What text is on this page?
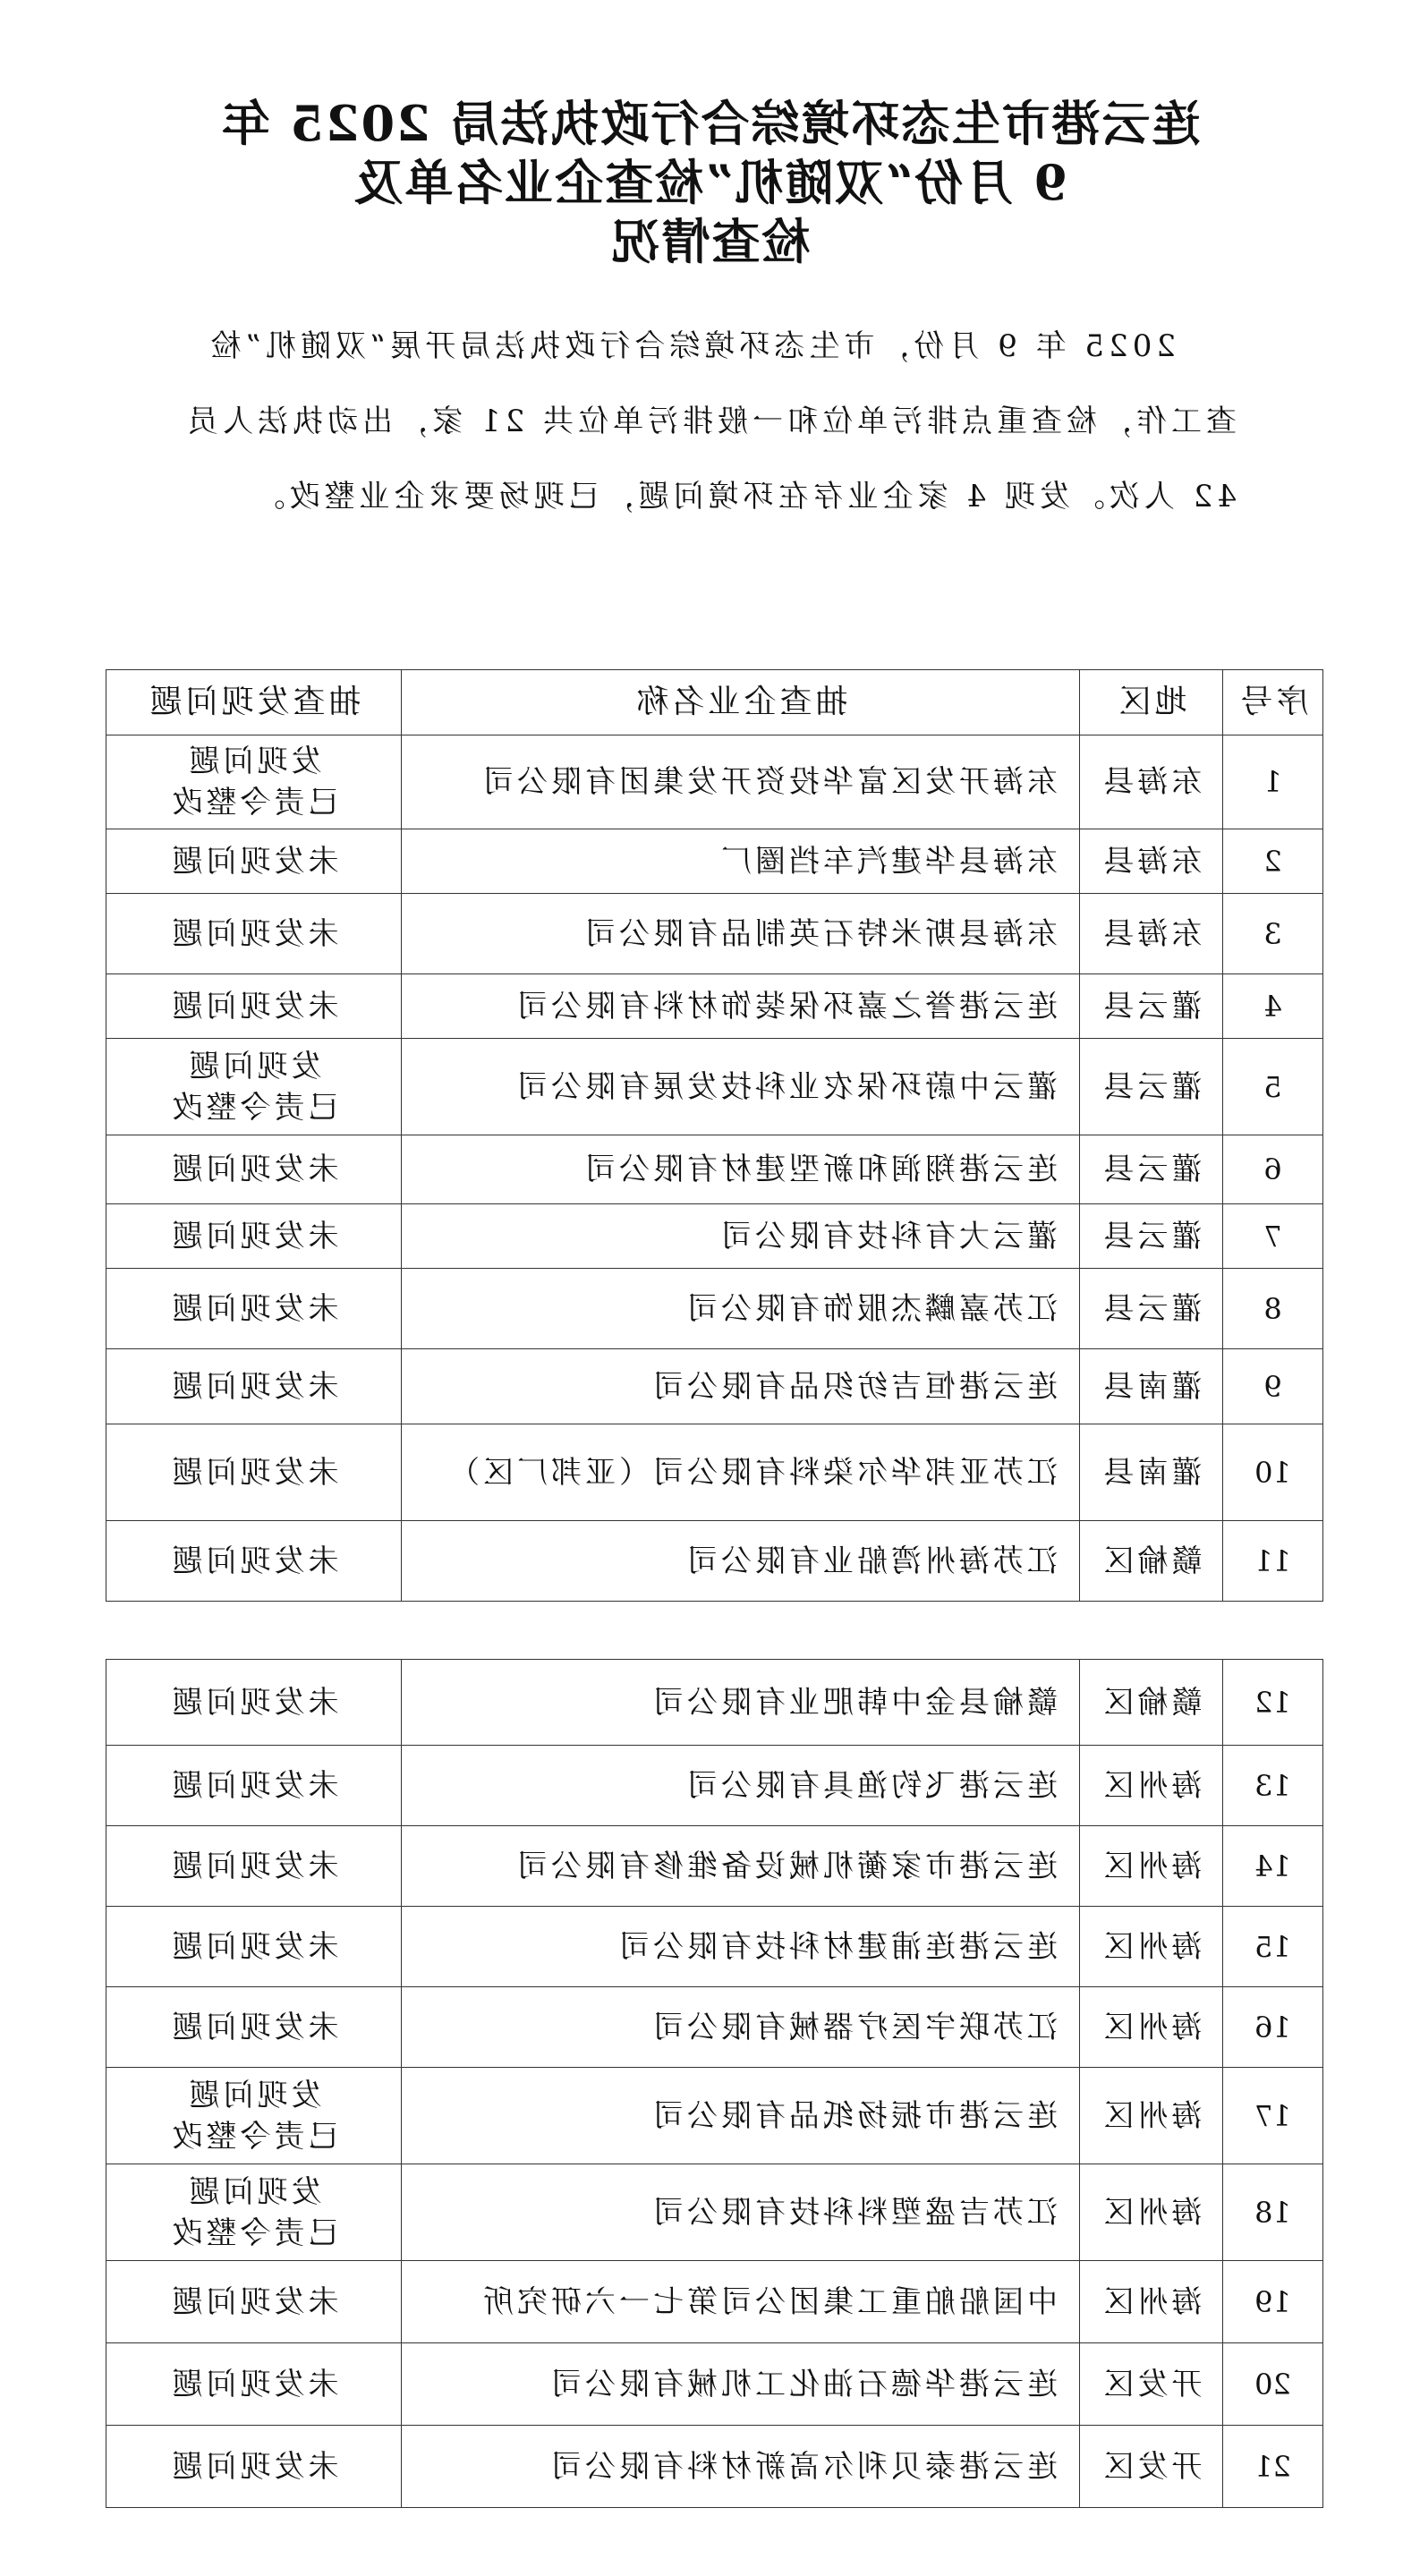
连云港市生态环境综合行政执法局 2025 年
9 月份“双随机”检查企业名单及
检查情况
2025 年 9 月份，市生态环境综合行政执法局开展“双随机”检查工作，检查重点排污单位和一般排污单位共 21 家，出动执法人员 42 人次。发现 4 家企业存在环境问题，已现场要求企业整改。
序号	地区	抽查企业名称	抽查发现问题
1	东海县	东海开发区富华投资开发集团有限公司	发现问题
已责令整改

2	东海县	东海县华建汽车挡圈厂	未发现问题

3	东海县	东海县斯米特石英制品有限公司	未发现问题

4	灌云县	连云港誉之嘉环保装饰材料有限公司	未发现问题

5	灌云县	灌云中蔚环保农业科技发展有限公司	发现问题
已责令整改

6	灌云县	连云港翔润和新型建材有限公司	未发现问题

7	灌云县	灌云大有科技有限公司	未发现问题

8	灌云县	江苏嘉麟杰服饰有限公司	未发现问题

9	灌南县	连云港恒吉纺织品有限公司	未发现问题

10	灌南县	江苏亚邦华尔染料有限公司（亚邦厂区）	未发现问题

11	赣榆区	江苏海州湾船业有限公司	未发现问题
12	赣榆区	赣榆县金中韩肥业有限公司	未发现问题

13	海州区	连云港飞钓渔具有限公司	未发现问题

14	海州区	连云港市家蘅机械设备维修有限公司	未发现问题

15	海州区	连云港连浦建材科技有限公司	未发现问题

16	海州区	江苏联宇医疗器械有限公司	未发现问题

17	海州区	连云港市振扬纸品有限公司	发现问题
已责令整改

18	海州区	江苏吉盛塑料科技有限公司	发现问题
已责令整改

19	海州区	中国船舶重工集团公司第七一六研究所	未发现问题

20	开发区	连云港华德石油化工机械有限公司	未发现问题

21	开发区	连云港泰贝利尔高新材料有限公司	未发现问题
